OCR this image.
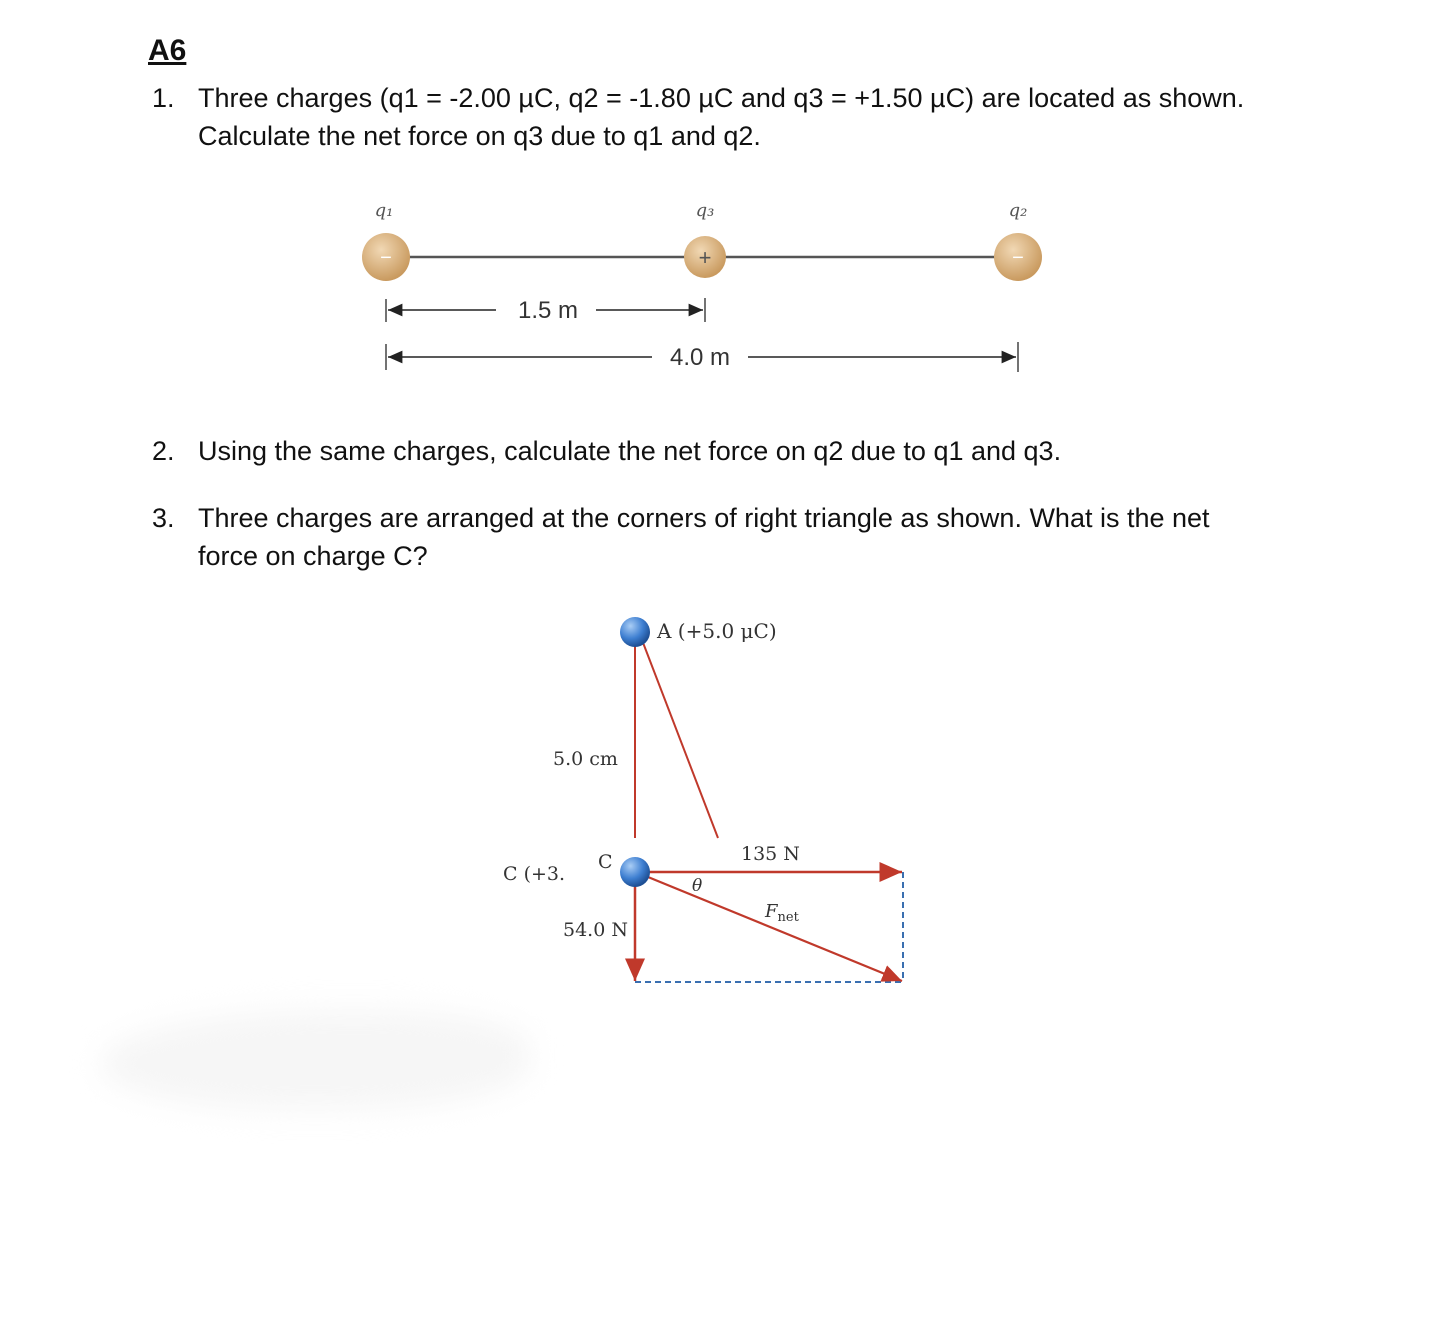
A6
1. Three charges (q1 = -2.00 µC, q2 = -1.80 µC and q3 = +1.50 µC) are located as shown.
Calculate the net force on q3 due to q1 and q2.
q₁	q₃	q₂
−	+	−
1.5 m
4.0 m
A (+5.0 μC)
5.0 cm
C (+3.
C	135 N
54.0 N
θ
$F_{net}$
2. Using the same charges, calculate the net force on q2 due to q1 and q3.
3. Three charges are arranged at the corners of right triangle as shown. What is the net
force on charge C?
